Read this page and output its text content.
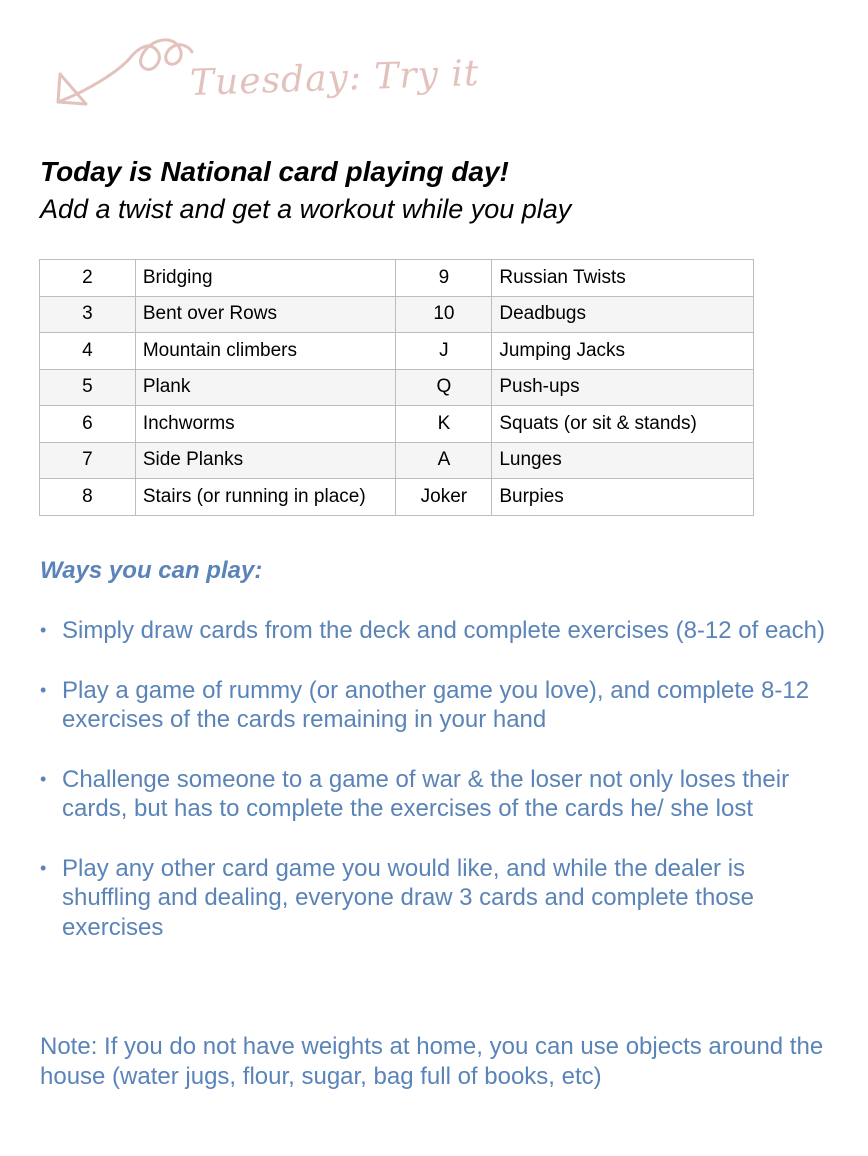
Tuesday: Try it
Today is National card playing day!
Add a twist and get a workout while you play
2	Bridging	9	Russian Twists
3	Bent over Rows	10	Deadbugs
4	Mountain climbers	J	Jumping Jacks
5	Plank	Q	Push-ups
6	Inchworms	K	Squats (or sit & stands)
7	Side Planks	A	Lunges
8	Stairs (or running in place)	Joker	Burpies
Ways you can play:
• Simply draw cards from the deck and complete exercises (8-12 of each)
• Play a game of rummy (or another game you love), and complete 8-12 exercises of the cards remaining in your hand
• Challenge someone to a game of war & the loser not only loses their cards, but has to complete the exercises of the cards he/ she lost
• Play any other card game you would like, and while the dealer is shuffling and dealing, everyone draw 3 cards and complete those exercises
Note: If you do not have weights at home, you can use objects around the house (water jugs, flour, sugar, bag full of books, etc)
